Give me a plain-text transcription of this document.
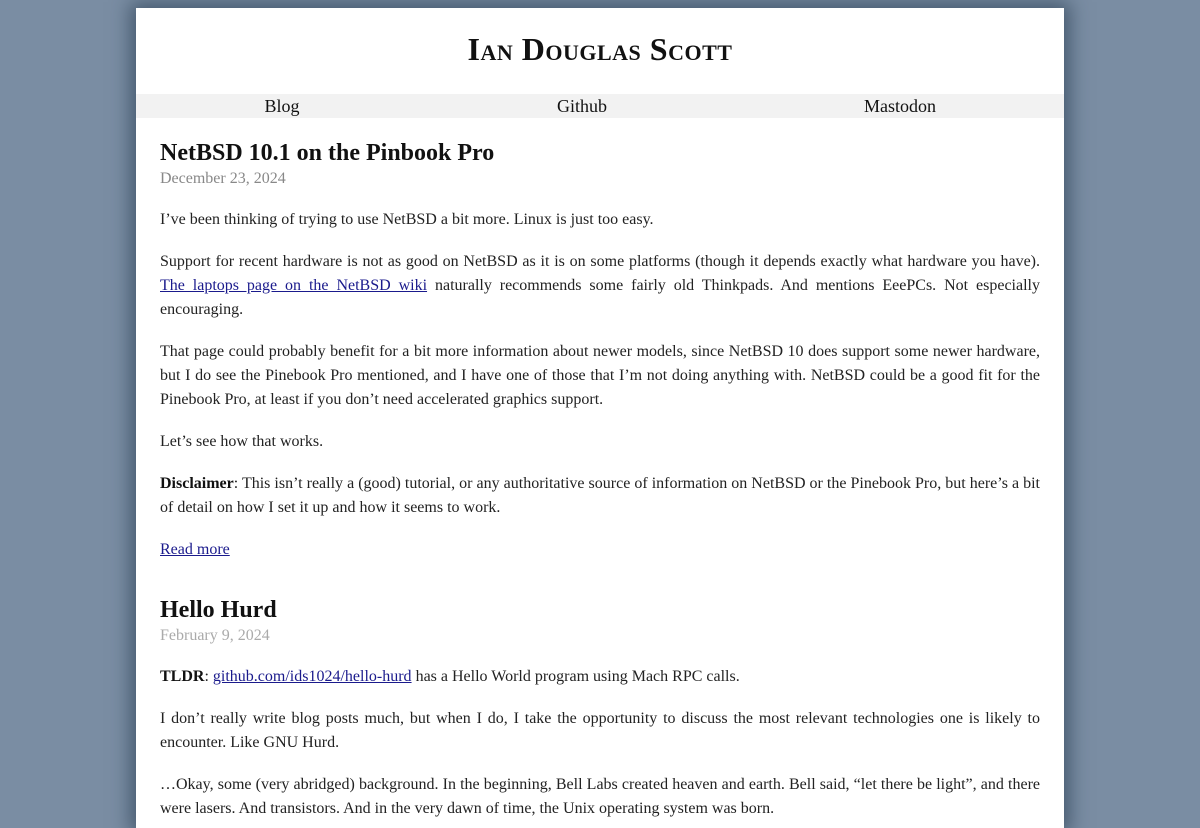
Ian Douglas Scott
Blog	Github	Mastodon
NetBSD 10.1 on the Pinbook Pro

December 23, 2024

I’ve been thinking of trying to use NetBSD a bit more. Linux is just too easy.

Support for recent hardware is not as good on NetBSD as it is on some platforms (though it depends exactly what hardware you have). The laptops page on the NetBSD wiki naturally recommends some fairly old Thinkpads. And mentions EeePCs. Not especially encouraging.

That page could probably benefit for a bit more information about newer models, since NetBSD 10 does support some newer hardware, but I do see the Pinebook Pro mentioned, and I have one of those that I’m not doing anything with. NetBSD could be a good fit for the Pinebook Pro, at least if you don’t need accelerated graphics support.

Let’s see how that works.

Disclaimer: This isn’t really a (good) tutorial, or any authoritative source of information on NetBSD or the Pinebook Pro, but here’s a bit of detail on how I set it up and how it seems to work.

Read more

Hello Hurd

February 9, 2024

TLDR: github.com/ids1024/hello-hurd has a Hello World program using Mach RPC calls.

I don’t really write blog posts much, but when I do, I take the opportunity to discuss the most relevant technologies one is likely to encounter. Like GNU Hurd.

…Okay, some (very abridged) background. In the beginning, Bell Labs created heaven and earth. Bell said, “let there be light”, and there were lasers. And transistors. And in the very dawn of time, the Unix operating system was born.
